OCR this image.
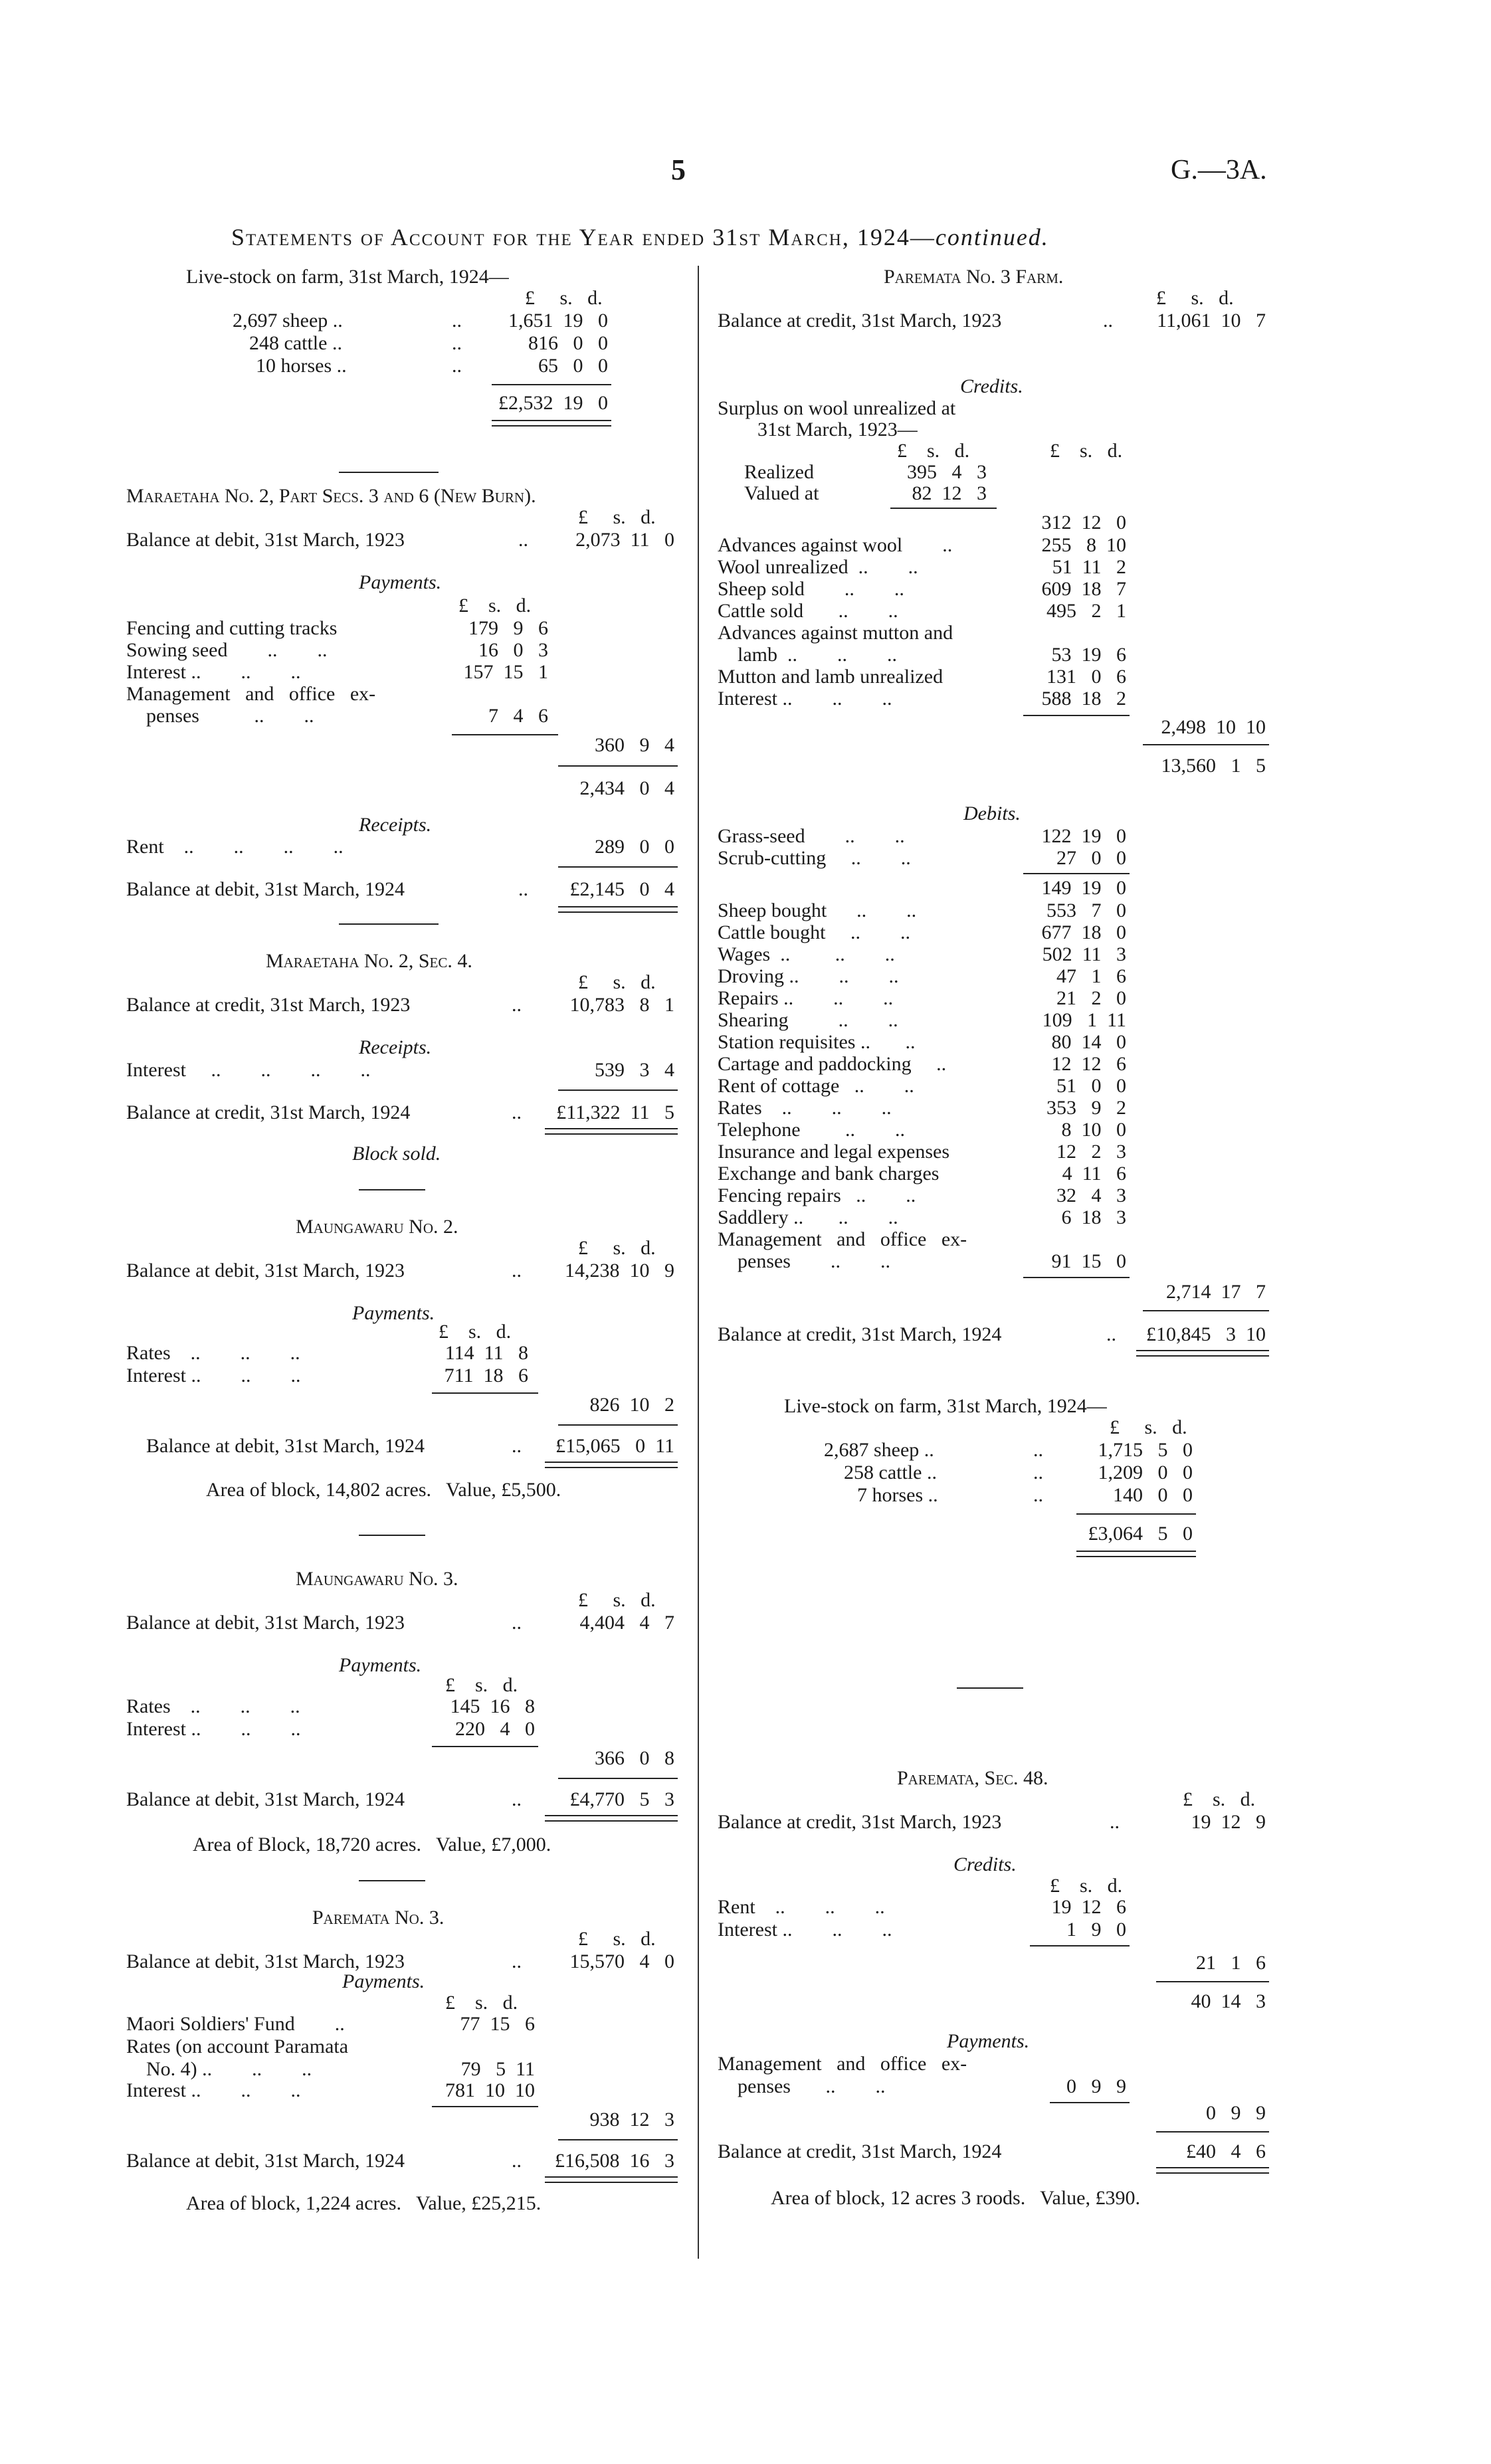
5	G.—3A.
Statements of Account for the Year ended 31st March, 1924—continued.
Live-stock on farm, 31st March, 1924—
£     s.   d.
2,697 sheep ..	..	1,651  19   0
248 cattle ..	..	816   0   0
10 horses ..	..	65   0   0
£2,532  19   0
Maraetaha No. 2, Part Secs. 3 and 6 (New Burn).
£     s.   d.
Balance at debit, 31st March, 1923	..	2,073  11   0
Payments.
£    s.   d.
Fencing and cutting tracks	179   9   6
Sowing seed        ..        ..	16   0   3
Interest ..        ..        ..	157  15   1
Management   and   office   ex-
penses           ..        ..	7   4   6
360   9   4
2,434   0   4
Receipts.
Rent    ..        ..        ..        ..	289   0   0
Balance at debit, 31st March, 1924	..	£2,145   0   4
Maraetaha No. 2, Sec. 4.
£     s.   d.
Balance at credit, 31st March, 1923	..	10,783   8   1
Receipts.
Interest     ..        ..        ..        ..	539   3   4
Balance at credit, 31st March, 1924	..	£11,322  11   5
Block sold.
Maungawaru No. 2.
£     s.   d.
Balance at debit, 31st March, 1923	..	14,238  10   9
Payments.
£    s.   d.
Rates    ..        ..        ..	114  11   8
Interest ..        ..        ..	711  18   6
826  10   2
Balance at debit, 31st March, 1924	..	£15,065   0  11
Area of block, 14,802 acres.   Value, £5,500.
Maungawaru No. 3.
£     s.   d.
Balance at debit, 31st March, 1923	..	4,404   4   7
Payments.
£    s.   d.
Rates    ..        ..        ..	145  16   8
Interest ..        ..        ..	220   4   0
366   0   8
Balance at debit, 31st March, 1924	..	£4,770   5   3
Area of Block, 18,720 acres.   Value, £7,000.
Paremata No. 3.
£     s.   d.
Balance at debit, 31st March, 1923	..	15,570   4   0
Payments.
£    s.   d.
Maori Soldiers' Fund        ..	77  15   6
Rates (on account Paramata
No. 4) ..        ..        ..	79   5  11
Interest ..        ..        ..	781  10  10
938  12   3
Balance at debit, 31st March, 1924	..	£16,508  16   3
Area of block, 1,224 acres.   Value, £25,215.
Paremata No. 3 Farm.
£     s.   d.
Balance at credit, 31st March, 1923	..	11,061  10   7
Credits.
Surplus on wool unrealized at
31st March, 1923—
£    s.   d.	£    s.   d.
Realized	395   4   3
Valued at	82  12   3
312  12   0
Advances against wool        ..	255   8  10
Wool unrealized  ..        ..	51  11   2
Sheep sold        ..        ..	609  18   7
Cattle sold       ..        ..	495   2   1
Advances against mutton and
lamb  ..        ..        ..	53  19   6
Mutton and lamb unrealized	131   0   6
Interest ..        ..        ..	588  18   2
2,498  10  10
13,560   1   5
Debits.
Grass-seed        ..        ..	122  19   0
Scrub-cutting     ..        ..	27   0   0
149  19   0
Sheep bought      ..        ..	553   7   0
Cattle bought     ..        ..	677  18   0
Wages  ..         ..        ..	502  11   3
Droving ..        ..        ..	47   1   6
Repairs ..        ..        ..	21   2   0
Shearing          ..        ..	109   1  11
Station requisites ..       ..	80  14   0
Cartage and paddocking     ..	12  12   6
Rent of cottage   ..        ..	51   0   0
Rates    ..        ..        ..	353   9   2
Telephone         ..        ..	8  10   0
Insurance and legal expenses	12   2   3
Exchange and bank charges	4  11   6
Fencing repairs   ..        ..	32   4   3
Saddlery ..       ..        ..	6  18   3
Management   and   office   ex-
penses        ..        ..	91  15   0
2,714  17   7
Balance at credit, 31st March, 1924	..	£10,845   3  10
Live-stock on farm, 31st March, 1924—
£     s.   d.
2,687 sheep ..	..	1,715   5   0
258 cattle ..	..	1,209   0   0
7 horses ..	..	140   0   0
£3,064   5   0
Paremata, Sec. 48.
£    s.   d.
Balance at credit, 31st March, 1923	..	19  12   9
Credits.
£    s.   d.
Rent    ..        ..        ..	19  12   6
Interest ..        ..        ..	1   9   0
21   1   6
40  14   3
Payments.
Management   and   office   ex-
penses       ..        ..	0   9   9
0   9   9
Balance at credit, 31st March, 1924	£40   4   6
Area of block, 12 acres 3 roods.   Value, £390.
